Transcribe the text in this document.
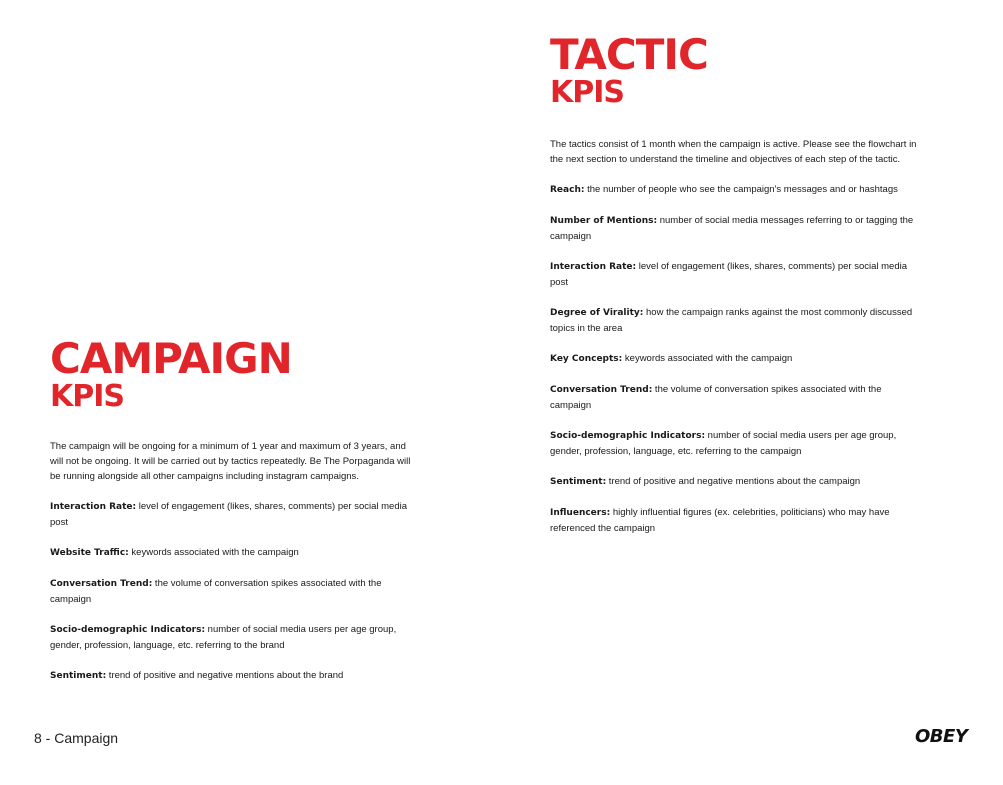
TACTIC
KPIS

The tactics consist of 1 month when the campaign is active. Please see the flowchart in the next section to understand the timeline and objectives of each step of the tactic.

Reach: the number of people who see the campaign's messages and or hashtags

Number of Mentions: number of social media messages referring to or tagging the campaign

Interaction Rate: level of engagement (likes, shares, comments) per social media post

Degree of Virality: how the campaign ranks against the most commonly discussed topics in the area

Key Concepts: keywords associated with the campaign

Conversation Trend: the volume of conversation spikes associated with the campaign

Socio-demographic Indicators: number of social media users per age group, gender, profession, language, etc. referring to the campaign

Sentiment: trend of positive and negative mentions about the campaign

Influencers: highly influential figures (ex. celebrities, politicians) who may have referenced the campaign

CAMPAIGN
KPIS

The campaign will be ongoing for a minimum of 1 year and maximum of 3 years, and will not be ongoing. It will be carried out by tactics repeatedly. Be The Porpaganda will be running alongside all other campaigns including instagram campaigns.

Interaction Rate: level of engagement (likes, shares, comments) per social media post

Website Traffic: keywords associated with the campaign

Conversation Trend: the volume of conversation spikes associated with the campaign

Socio-demographic Indicators: number of social media users per age group, gender, profession, language, etc. referring to the brand

Sentiment: trend of positive and negative mentions about the brand

8 - Campaign	OBEY
